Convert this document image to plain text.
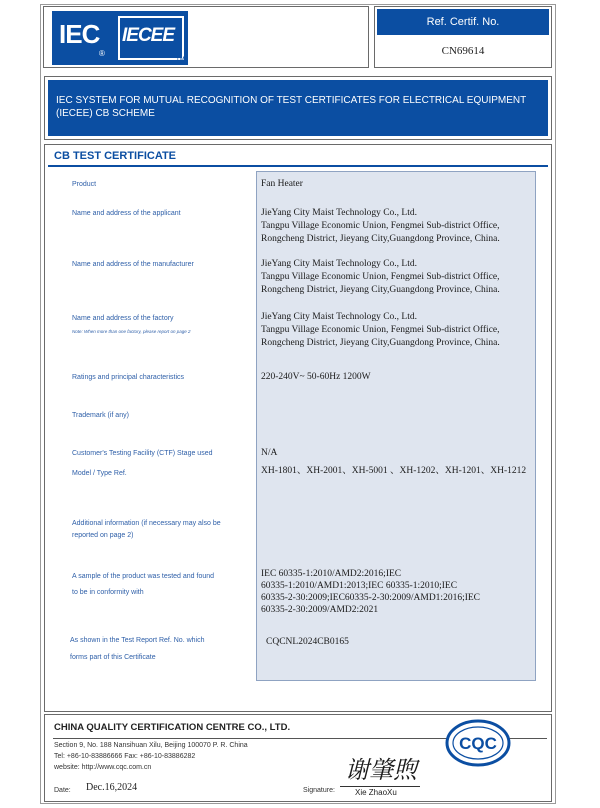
IEC
®
IECEE
TM
Ref. Certif. No.
CN69614
IEC SYSTEM FOR MUTUAL RECOGNITION OF TEST CERTIFICATES FOR ELECTRICAL EQUIPMENT (IECEE) CB SCHEME
CB TEST CERTIFICATE
Product
Name and address of the applicant
Name and address of the manufacturer
Name and address of the factory
Note: When more than one factory, please report on page 2
Ratings and principal characteristics
Trademark (if any)
Customer's Testing Facility (CTF) Stage used
Model / Type Ref.
Additional information (if necessary may also be
reported on page 2)
A sample of the product was tested and found
to be in conformity with
As shown in the Test Report Ref. No. which
forms part of this Certificate
Fan Heater
JieYang City Maist Technology Co., Ltd.
Tangpu Village Economic Union, Fengmei Sub-district Office,
Rongcheng District, Jieyang City,Guangdong Province, China.
JieYang City Maist Technology Co., Ltd.
Tangpu Village Economic Union, Fengmei Sub-district Office,
Rongcheng District, Jieyang City,Guangdong Province, China.
JieYang City Maist Technology Co., Ltd.
Tangpu Village Economic Union, Fengmei Sub-district Office,
Rongcheng District, Jieyang City,Guangdong Province, China.
220-240V~ 50-60Hz 1200W
N/A
XH-1801、XH-2001、XH-5001 、XH-1202、XH-1201、XH-1212
IEC 60335-1:2010/AMD2:2016;IEC
60335-1:2010/AMD1:2013;IEC 60335-1:2010;IEC
60335-2-30:2009;IEC60335-2-30:2009/AMD1:2016;IEC
60335-2-30:2009/AMD2:2021
CQCNL2024CB0165
CHINA QUALITY CERTIFICATION CENTRE CO., LTD.
Section 9, No. 188 Nansihuan Xilu, Beijing 100070 P. R. China
Tel: +86-10-83886666 Fax: +86-10-83886282
website: http://www.cqc.com.cn
Date: Dec.16,2024	Signature:
谢肇煦
Xie ZhaoXu
CQC
